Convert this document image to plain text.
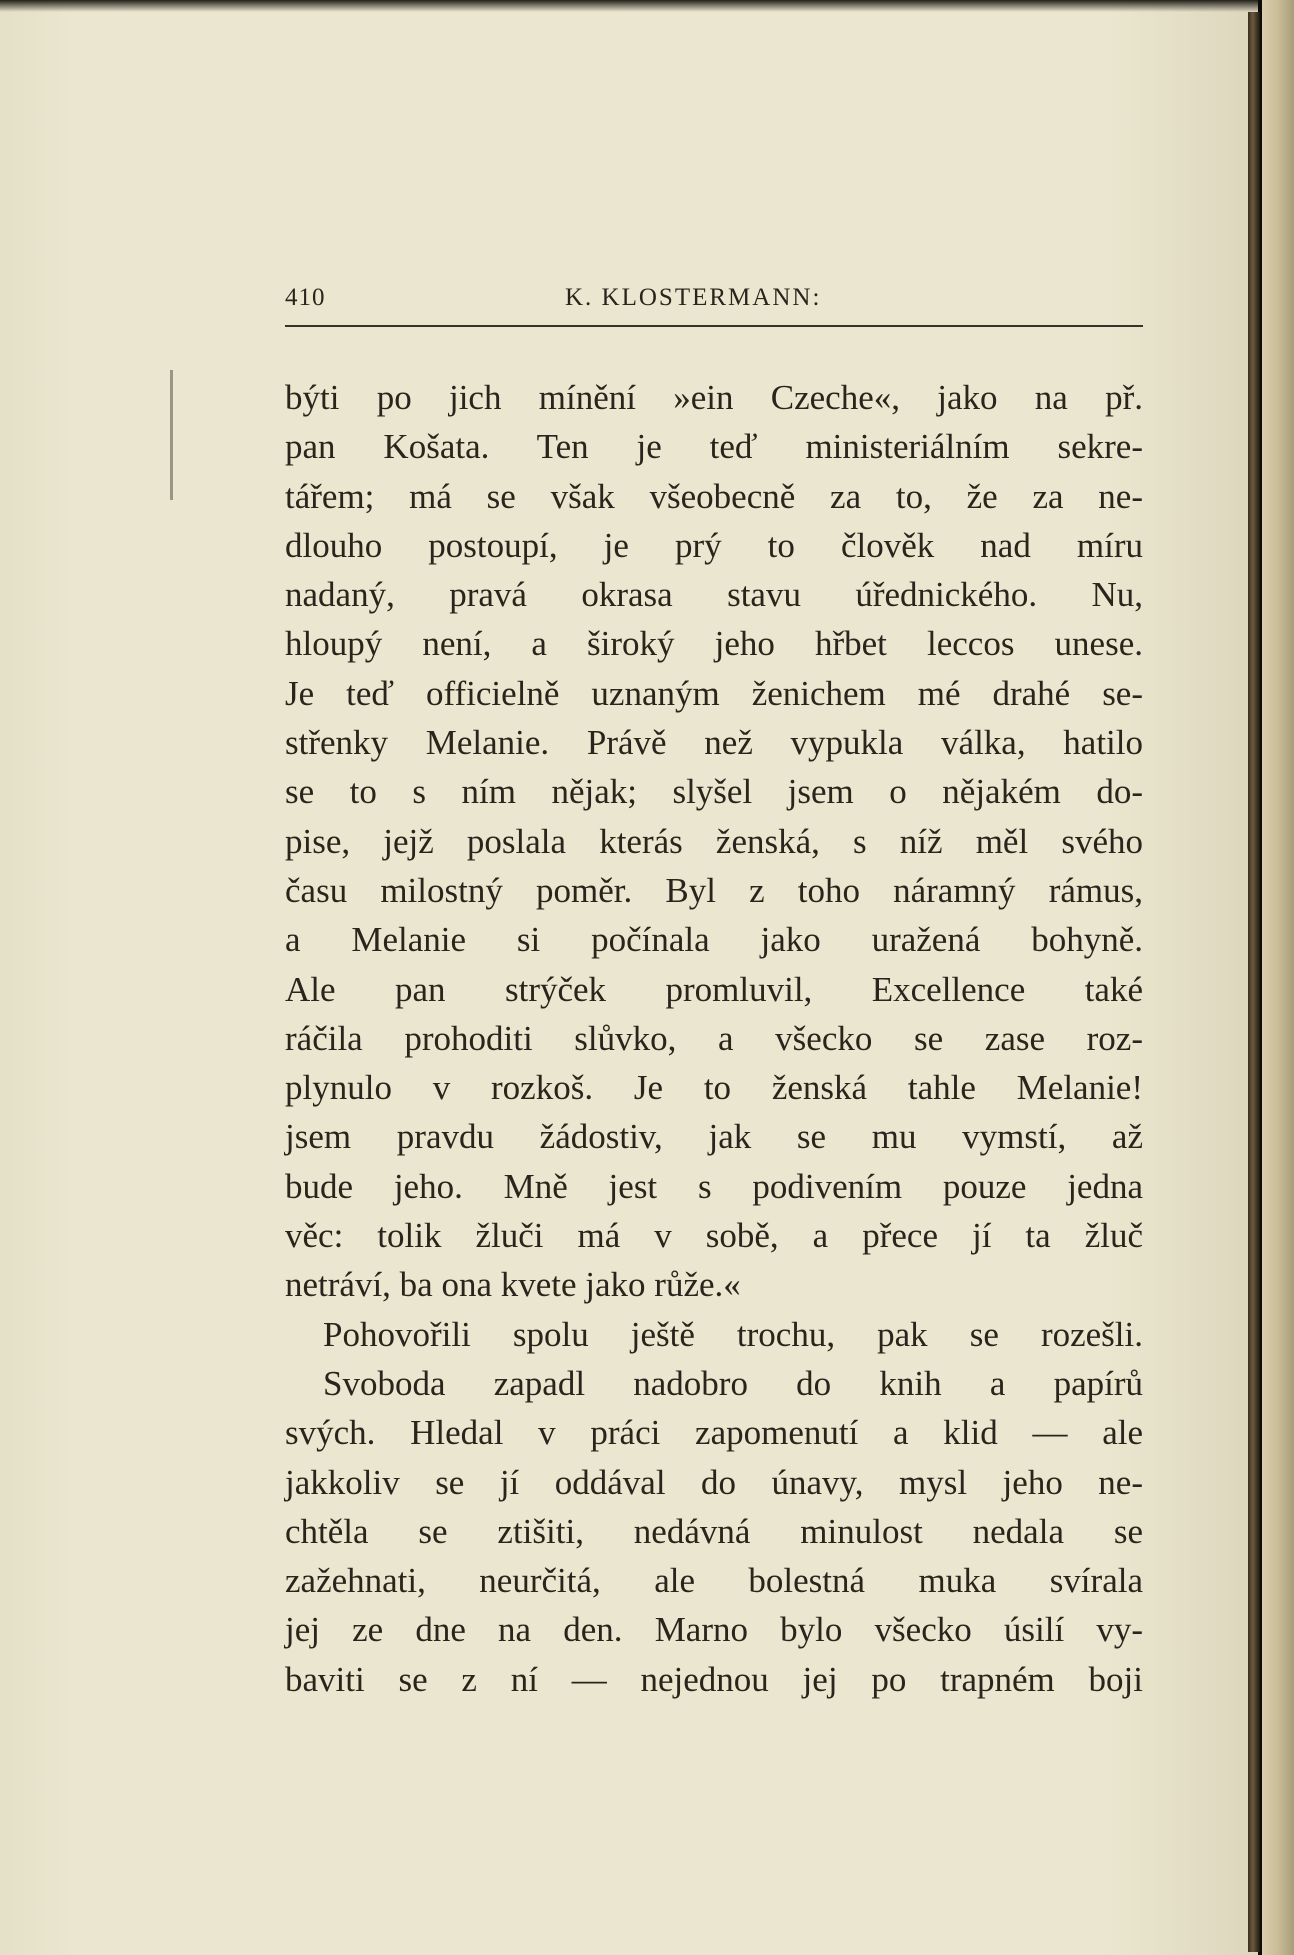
410	K. KLOSTERMANN:
býti po jich mínění »ein Czeche«, jako na př.
pan Košata. Ten je teď ministeriálním sekre-
tářem; má se však všeobecně za to, že za ne-
dlouho postoupí, je prý to člověk nad míru
nadaný, pravá okrasa stavu úřednického. Nu,
hloupý není, a široký jeho hřbet leccos unese.
Je teď officielně uznaným ženichem mé drahé se-
střenky Melanie. Právě než vypukla válka, hatilo
se to s ním nějak; slyšel jsem o nějakém do-
pise, jejž poslala kterás ženská, s níž měl svého
času milostný poměr. Byl z toho náramný rámus,
a Melanie si počínala jako uražená bohyně.
Ale pan strýček promluvil, Excellence také
ráčila prohoditi slůvko, a všecko se zase roz-
plynulo v rozkoš. Je to ženská tahle Melanie!
jsem pravdu žádostiv, jak se mu vymstí, až
bude jeho. Mně jest s podivením pouze jedna
věc: tolik žluči má v sobě, a přece jí ta žluč
netráví, ba ona kvete jako růže.«
Pohovořili spolu ještě trochu, pak se rozešli.
Svoboda zapadl nadobro do knih a papírů
svých. Hledal v práci zapomenutí a klid — ale
jakkoliv se jí oddával do únavy, mysl jeho ne-
chtěla se ztišiti, nedávná minulost nedala se
zažehnati, neurčitá, ale bolestná muka svírala
jej ze dne na den. Marno bylo všecko úsilí vy-
baviti se z ní — nejednou jej po trapném boji
